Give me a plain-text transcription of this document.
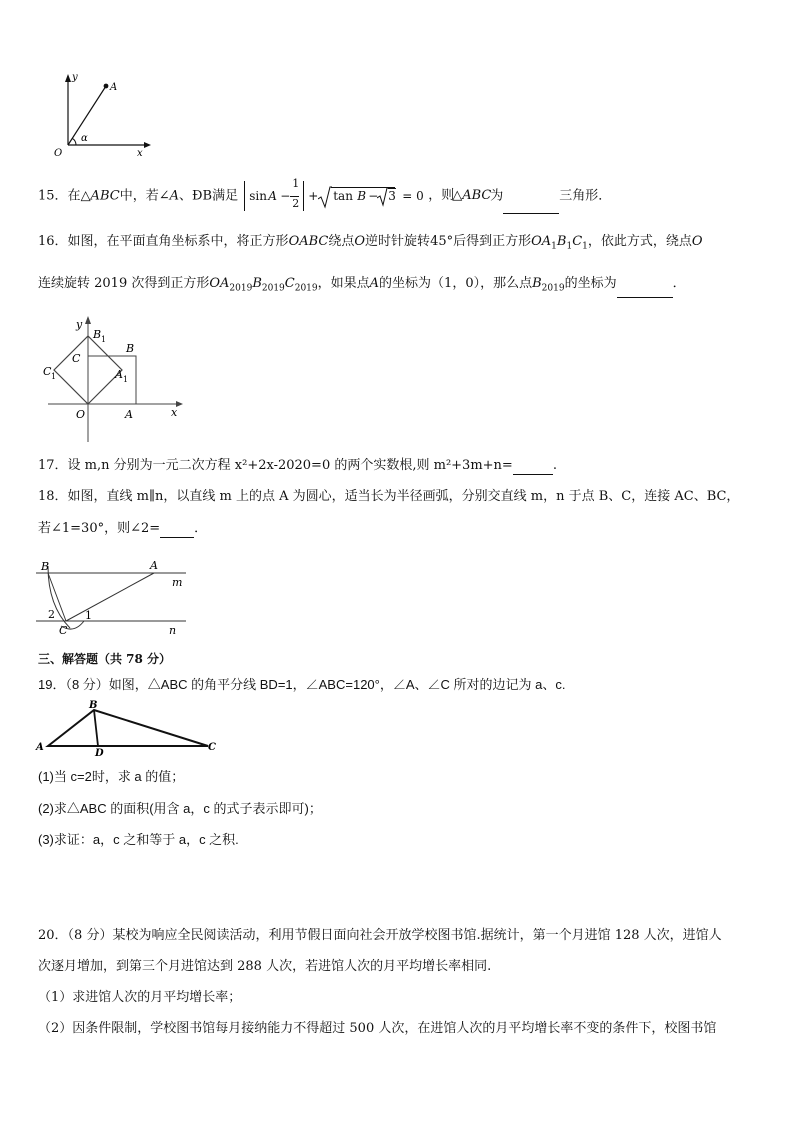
y
A
O	x
α
15．在△ABC中，若∠A、ĐB满足 sin A −
1
2
+ tan B − 3 = 0 ，则
△ABC
为	三角形．
16．如图，在平面直角坐标系中，将正方形OABC绕点O逆时针旋转45°后得到正方形$OA_1B_1C_1$，依此方式，绕点O
连续旋转 2019 次得到正方形$OA_{2019}B_{2019}C_{2019}$，如果点A的坐标为（1，0），那么点$B_{2019}$的坐标为	．
y
B 1
B
C
C 1	A 1
O	A	x
17．设 m,n 分别为一元二次方程 x²+2x-2020=0 的两个实数根,则 m²+3m+n=	.
18．如图，直线 m∥n，以直线 m 上的点 A 为圆心，适当长为半径画弧，分别交直线 m，n 于点 B、C，连接 AC、BC，
若∠1=30°，则∠2=	．
B	A
m
2	1
C	n
三、解答题（共 78 分）
19．（8 分）如图，△ABC 的角平分线 BD=1，∠ABC=120°，∠A、∠C 所对的边记为 a、c.
B
A
D
C
(1)当 c=2时，求 a 的值；
(2)求△ABC 的面积(用含 a，c 的式子表示即可)；
(3)求证：a，c 之和等于 a，c 之积.
20．（8 分）某校为响应全民阅读活动，利用节假日面向社会开放学校图书馆.据统计，第一个月进馆 128 人次，进馆人
次逐月增加，到第三个月进馆达到 288 人次，若进馆人次的月平均增长率相同.
（1）求进馆人次的月平均增长率；
（2）因条件限制，学校图书馆每月接纳能力不得超过 500 人次，在进馆人次的月平均增长率不变的条件下，校图书馆
